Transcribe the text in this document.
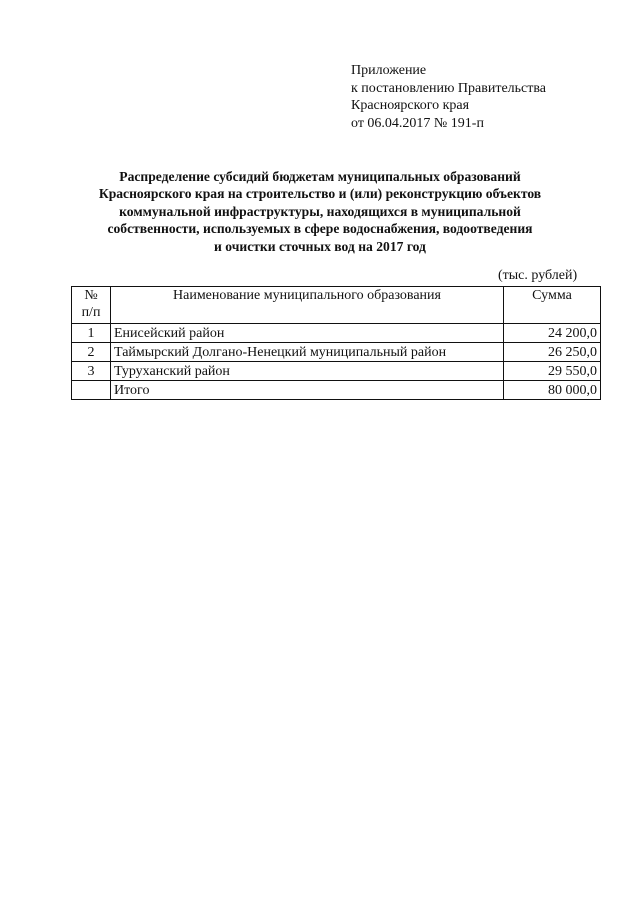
Приложение
к постановлению Правительства
Красноярского края
от 06.04.2017 № 191-п
Распределение субсидий бюджетам муниципальных образований
Красноярского края на строительство и (или) реконструкцию объектов
коммунальной инфраструктуры, находящихся в муниципальной
собственности, используемых в сфере водоснабжения, водоотведения
и очистки сточных вод на 2017 год
(тыс. рублей)
№
п/п	Наименование муниципального образования	Сумма
1	Енисейский район	24 200,0
2	Таймырский Долгано-Ненецкий муниципальный район	26 250,0
3	Туруханский район	29 550,0
	Итого	80 000,0
